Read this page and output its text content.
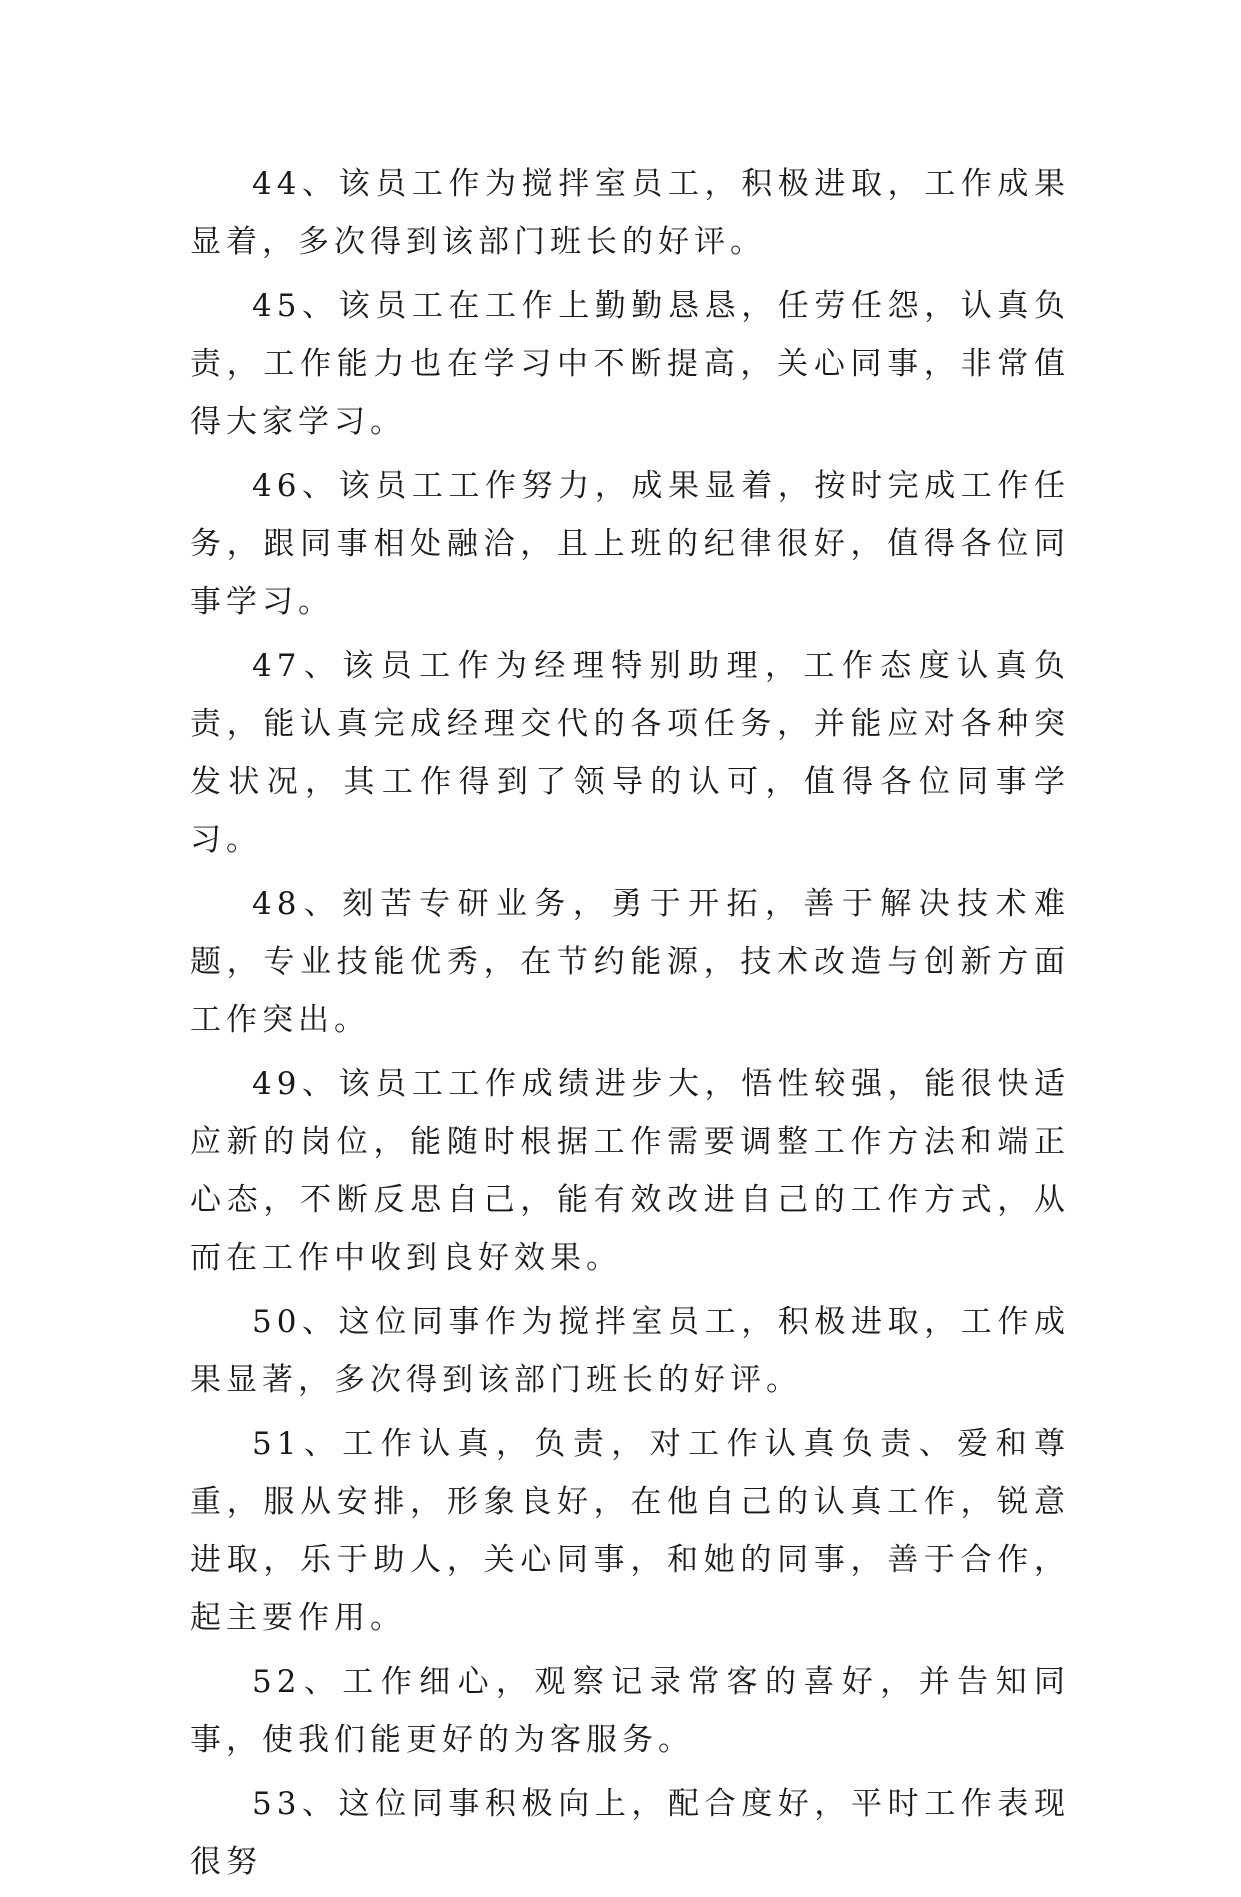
44、该员工作为搅拌室员工，积极进取，工作成果显着，多次得到该部门班长的好评。

45、该员工在工作上勤勤恳恳，任劳任怨，认真负责，工作能力也在学习中不断提高，关心同事，非常值得大家学习。

46、该员工工作努力，成果显着，按时完成工作任务，跟同事相处融洽，且上班的纪律很好，值得各位同事学习。

47、该员工作为经理特别助理，工作态度认真负责，能认真完成经理交代的各项任务，并能应对各种突发状况，其工作得到了领导的认可，值得各位同事学习。

48、刻苦专研业务，勇于开拓，善于解决技术难题，专业技能优秀，在节约能源，技术改造与创新方面工作突出。

49、该员工工作成绩进步大，悟性较强，能很快适应新的岗位，能随时根据工作需要调整工作方法和端正心态，不断反思自己，能有效改进自己的工作方式，从而在工作中收到良好效果。

50、这位同事作为搅拌室员工，积极进取，工作成果显著，多次得到该部门班长的好评。

51、工作认真，负责，对工作认真负责、爱和尊重，服从安排，形象良好，在他自己的认真工作，锐意进取，乐于助人，关心同事，和她的同事，善于合作，起主要作用。

52、工作细心，观察记录常客的喜好，并告知同事，使我们能更好的为客服务。

53、这位同事积极向上，配合度好，平时工作表现很努
